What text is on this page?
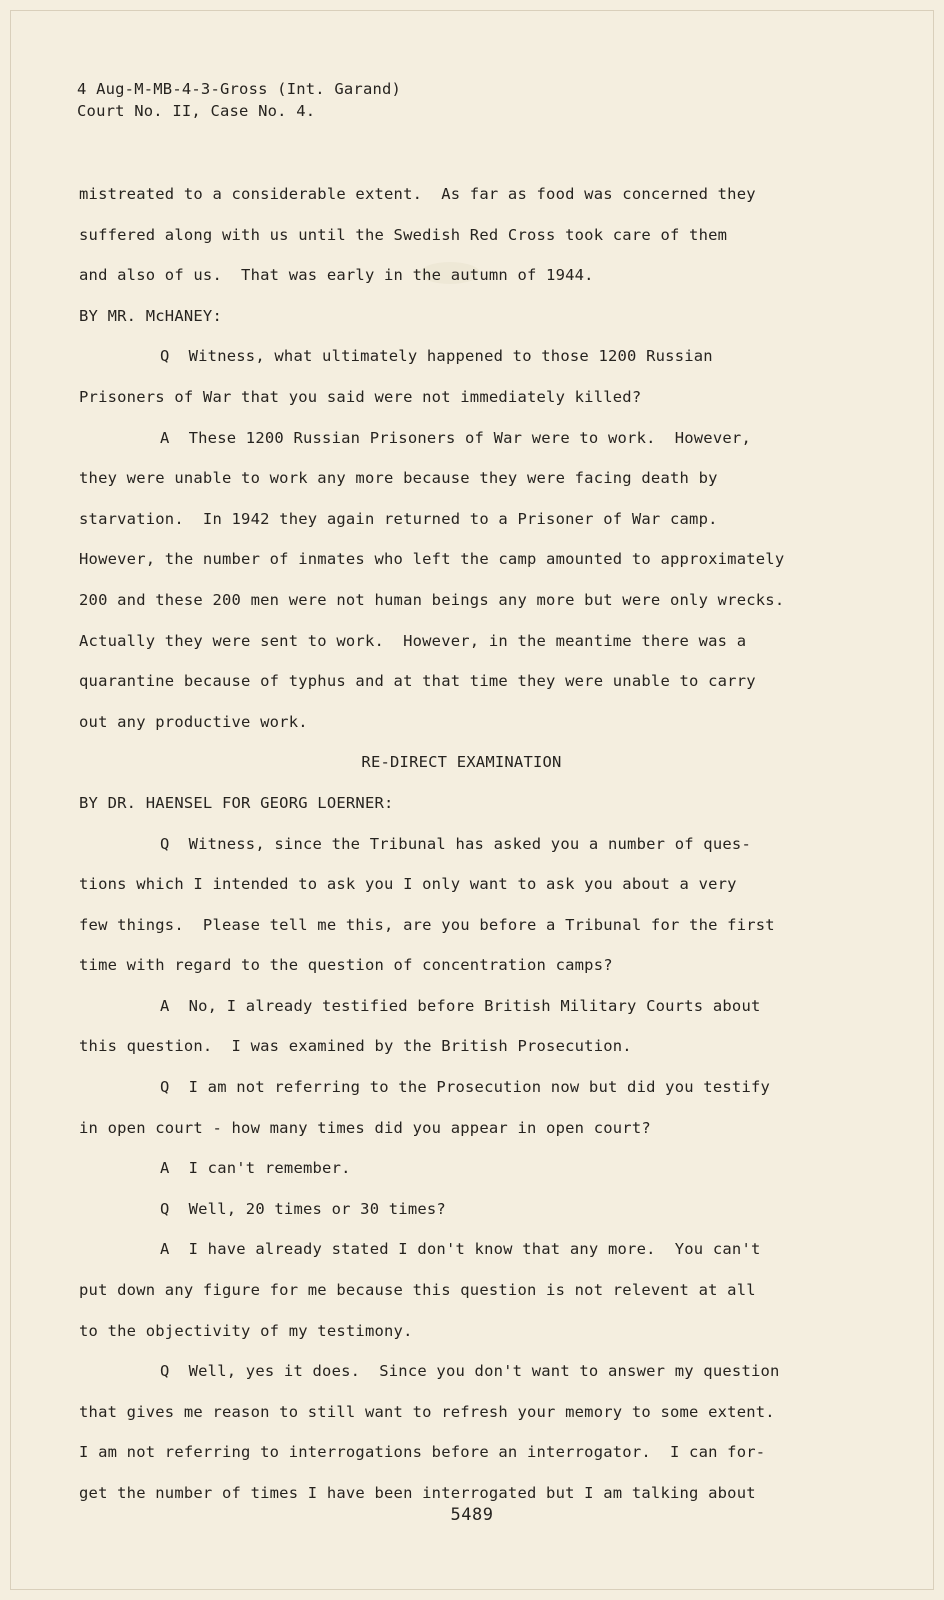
4 Aug-M-MB-4-3-Gross (Int. Garand)
Court No. II, Case No. 4.
mistreated to a considerable extent.  As far as food was concerned they
suffered along with us until the Swedish Red Cross took care of them
and also of us.  That was early in the autumn of 1944.
BY MR. McHANEY:
Q  Witness, what ultimately happened to those 1200 Russian
Prisoners of War that you said were not immediately killed?
A  These 1200 Russian Prisoners of War were to work.  However,
they were unable to work any more because they were facing death by
starvation.  In 1942 they again returned to a Prisoner of War camp.
However, the number of inmates who left the camp amounted to approximately
200 and these 200 men were not human beings any more but were only wrecks.
Actually they were sent to work.  However, in the meantime there was a
quarantine because of typhus and at that time they were unable to carry
out any productive work.
RE-DIRECT EXAMINATION
BY DR. HAENSEL FOR GEORG LOERNER:
Q  Witness, since the Tribunal has asked you a number of ques-
tions which I intended to ask you I only want to ask you about a very
few things.  Please tell me this, are you before a Tribunal for the first
time with regard to the question of concentration camps?
A  No, I already testified before British Military Courts about
this question.  I was examined by the British Prosecution.
Q  I am not referring to the Prosecution now but did you testify
in open court - how many times did you appear in open court?
A  I can't remember.
Q  Well, 20 times or 30 times?
A  I have already stated I don't know that any more.  You can't
put down any figure for me because this question is not relevent at all
to the objectivity of my testimony.
Q  Well, yes it does.  Since you don't want to answer my question
that gives me reason to still want to refresh your memory to some extent.
I am not referring to interrogations before an interrogator.  I can for-
get the number of times I have been interrogated but I am talking about
5489
